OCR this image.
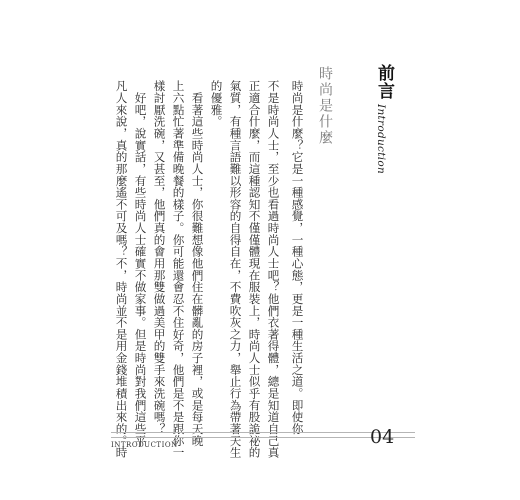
前言
Introduction
時尚是什麼
時尚是什麼？它是一種感覺，一種心態，更是一種生活之道。即使你
不是時尚人士，至少也看過時尚人士吧？他們衣著得體，總是知道自己真
正適合什麼，而這種認知不僅僅體現在服裝上，時尚人士似乎有股詭祕的
氣質，有種言語難以形容的自得自在，不費吹灰之力，舉止行為帶著天生
的優雅。
　看著這些時尚人士，你很難想像他們住在髒亂的房子裡，或是每天晚
上六點忙著準備晚餐的樣子。你可能還會忍不住好奇，他們是不是跟你一
樣討厭洗碗，又甚至，他們真的會用那雙做過美甲的雙手來洗碗嗎？
　好吧，說實話，有些時尚人士確實不做家事。但是時尚對我們這些平
凡人來說，真的那麼遙不可及嗎？不，時尚並不是用金錢堆積出來的。時
INTRODUCTION	04
